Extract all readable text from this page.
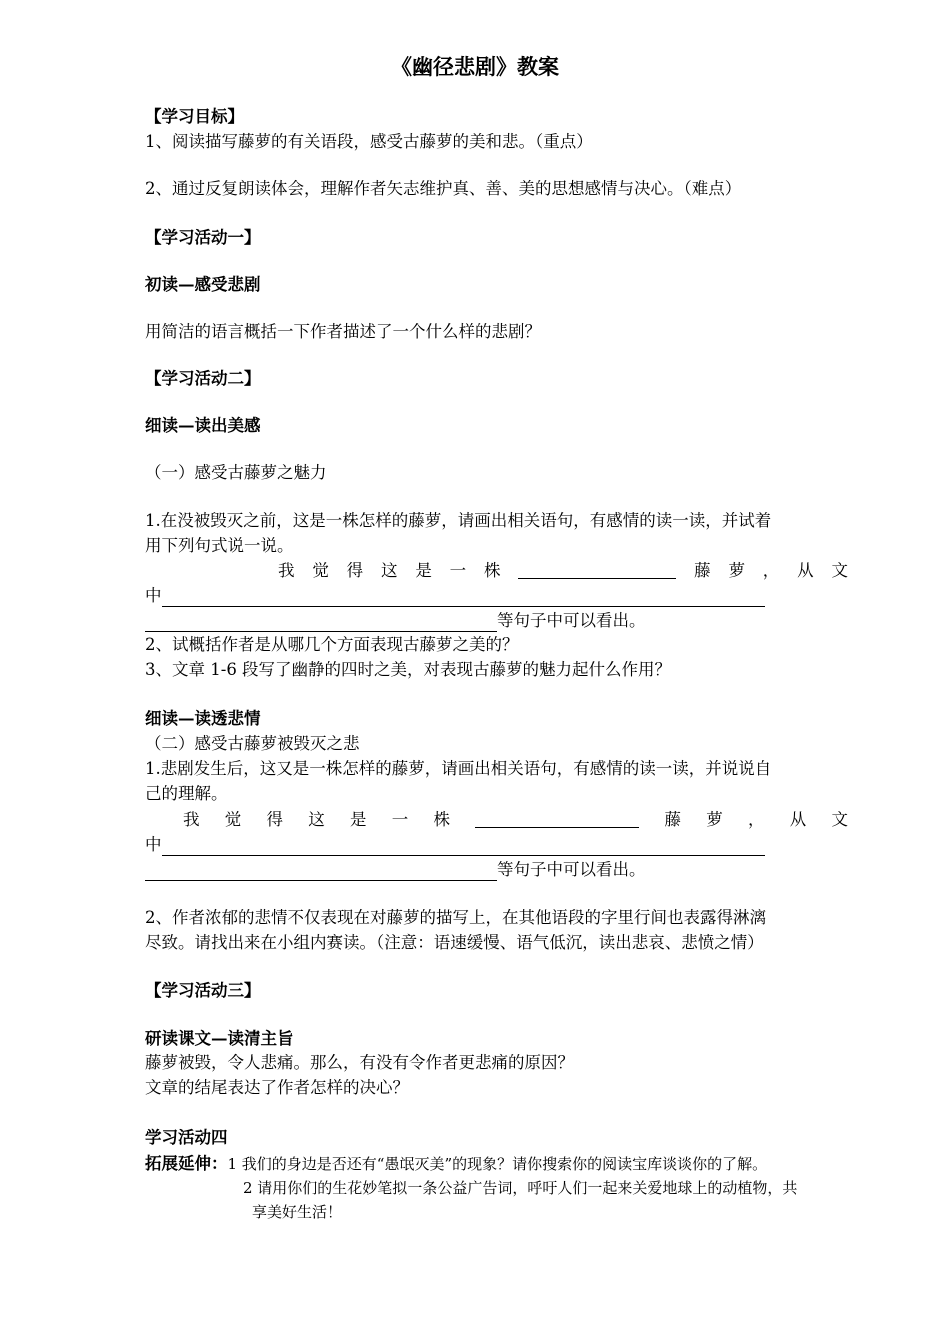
《幽径悲剧》教案
【学习目标】
1、阅读描写藤萝的有关语段，感受古藤萝的美和悲。（重点）
2、通过反复朗读体会，理解作者矢志维护真、善、美的思想感情与决心。（难点）
【学习活动一】
初读—感受悲剧
用简洁的语言概括一下作者描述了一个什么样的悲剧？
【学习活动二】
细读—读出美感
（一）感受古藤萝之魅力
1.在没被毁灭之前，这是一株怎样的藤萝，请画出相关语句，有感情的读一读，并试着
用下列句式说一说。
我 觉 得 这 是 一 株	藤 萝 ， 从 文
中
等句子中可以看出。
2、试概括作者是从哪几个方面表现古藤萝之美的？
3、文章 1-6 段写了幽静的四时之美，对表现古藤萝的魅力起什么作用？
细读—读透悲情
（二）感受古藤萝被毁灭之悲
1.悲剧发生后，这又是一株怎样的藤萝，请画出相关语句，有感情的读一读，并说说自
己的理解。
我 觉 得 这 是 一 株	藤 萝 ， 从 文
中
等句子中可以看出。
2、作者浓郁的悲情不仅表现在对藤萝的描写上，在其他语段的字里行间也表露得淋漓
尽致。请找出来在小组内赛读。（注意：语速缓慢、语气低沉，读出悲哀、悲愤之情）
【学习活动三】
研读课文—读清主旨
藤萝被毁，令人悲痛。那么，有没有令作者更悲痛的原因？
文章的结尾表达了作者怎样的决心？
学习活动四
拓展延伸：1 我们的身边是否还有“愚氓灭美”的现象？请你搜索你的阅读宝库谈谈你的了解。
2 请用你们的生花妙笔拟一条公益广告词，呼吁人们一起来关爱地球上的动植物，共
享美好生活！
